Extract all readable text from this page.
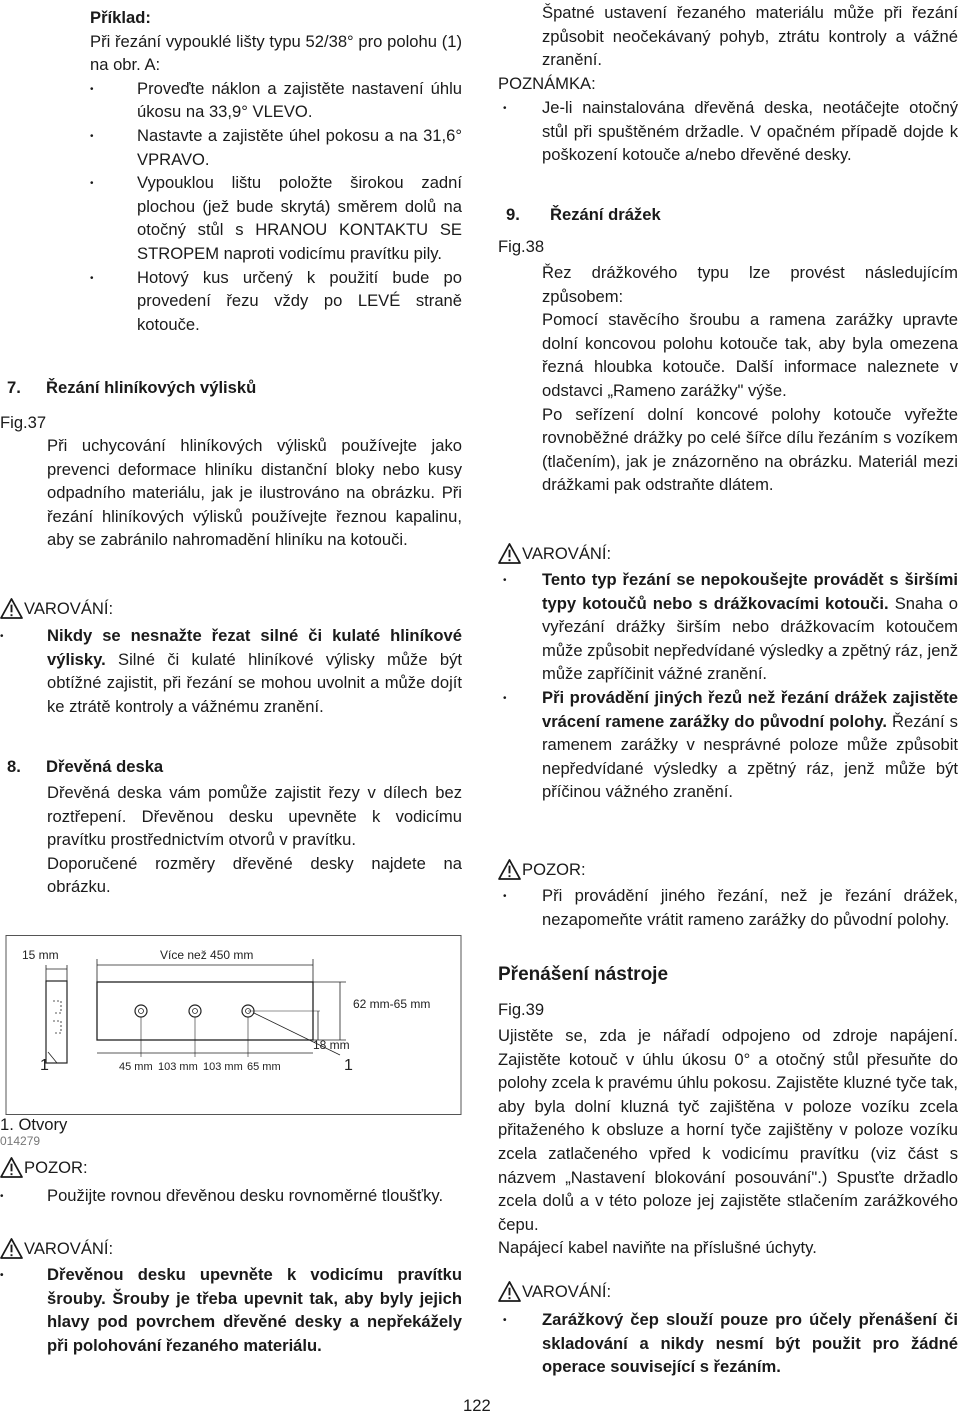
Příklad:

Při řezání vypouklé lišty typu 52/38° pro polohu (1) na obr. A:

• Proveďte náklon a zajistěte nastavení úhlu úkosu na 33,9° VLEVO.
• Nastavte a zajistěte úhel pokosu a na 31,6° VPRAVO.
• Vypouklou lištu položte širokou zadní plochou (jež bude skrytá) směrem dolů na otočný stůl s HRANOU KONTAKTU SE STROPEM naproti vodicímu pravítku pily.
• Hotový kus určený k použití bude po provedení řezu vždy po LEVÉ straně kotouče.
7. Řezání hliníkových výlisků
Fig.37

Při uchycování hliníkových výlisků používejte jako prevenci deformace hliníku distanční bloky nebo kusy odpadního materiálu, jak je ilustrováno na obrázku. Při řezání hliníkových výlisků používejte řeznou kapalinu, aby se zabránilo nahromadění hliníku na kotouči.

VAROVÁNÍ:
• Nikdy se nesnažte řezat silné či kulaté hliníkové výlisky. Silné či kulaté hliníkové výlisky může být obtížné zajistit, při řezání se mohou uvolnit a může dojít ke ztrátě kontroly a vážnému zranění.
8. Dřevěná deska

Dřevěná deska vám pomůže zajistit řezy v dílech bez roztřepení. Dřevěnou desku upevněte k vodicímu pravítku prostřednictvím otvorů v pravítku.

Doporučené rozměry dřevěné desky najdete na obrázku.

15 mm	Více než 450 mm
62 mm-65 mm
18 mm
45 mm 103 mm 103 mm 65 mm
1	1
1. Otvory
014279
POZOR:
• Použijte rovnou dřevěnou desku rovnoměrné tloušťky.
VAROVÁNÍ:
• Dřevěnou desku upevněte k vodicímu pravítku šrouby. Šrouby je třeba upevnit tak, aby byly jejich hlavy pod povrchem dřevěné desky a nepřekážely při polohování řezaného materiálu.

Špatné ustavení řezaného materiálu může při řezání způsobit neočekávaný pohyb, ztrátu kontroly a vážné zranění.

POZNÁMKA:
• Je-li nainstalována dřevěná deska, neotáčejte otočný stůl při spuštěném držadle. V opačném případě dojde k poškození kotouče a/nebo dřevěné desky.
9. Řezání drážek
Fig.38

Řez drážkového typu lze provést následujícím způsobem:

Pomocí stavěcího šroubu a ramena zarážky upravte dolní koncovou polohu kotouče tak, aby byla omezena řezná hloubka kotouče. Další informace naleznete v odstavci „Rameno zarážky" výše.

Po seřízení dolní koncové polohy kotouče vyřežte rovnoběžné drážky po celé šířce dílu řezáním s vozíkem (tlačením), jak je znázorněno na obrázku. Materiál mezi drážkami pak odstraňte dlátem.

VAROVÁNÍ:
• Tento typ řezání se nepokoušejte provádět s širšími typy kotoučů nebo s drážkovacími kotouči. Snaha o vyřezání drážky širším nebo drážkovacím kotoučem může způsobit nepředvídané výsledky a zpětný ráz, jenž může zapříčinit vážné zranění.
• Při provádění jiných řezů než řezání drážek zajistěte vrácení ramene zarážky do původní polohy. Řezání s ramenem zarážky v nesprávné poloze může způsobit nepředvídané výsledky a zpětný ráz, jenž může být příčinou vážného zranění.
POZOR:
• Při provádění jiného řezání, než je řezání drážek, nezapomeňte vrátit rameno zarážky do původní polohy.
Přenášení nástroje
Fig.39

Ujistěte se, zda je nářadí odpojeno od zdroje napájení. Zajistěte kotouč v úhlu úkosu 0° a otočný stůl přesuňte do polohy zcela k pravému úhlu pokosu. Zajistěte kluzné tyče tak, aby byla dolní kluzná tyč zajištěna v poloze vozíku zcela přitaženého k obsluze a horní tyče zajištěny v poloze vozíku zcela zatlačeného vpřed k vodicímu pravítku (viz část s názvem „Nastavení blokování posouvání".) Spusťte držadlo zcela dolů a v této poloze jej zajistěte stlačením zarážkového čepu.

Napájecí kabel naviňte na příslušné úchyty.

VAROVÁNÍ:
• Zarážkový čep slouží pouze pro účely přenášení či skladování a nikdy nesmí být použit pro žádné operace související s řezáním.
122
